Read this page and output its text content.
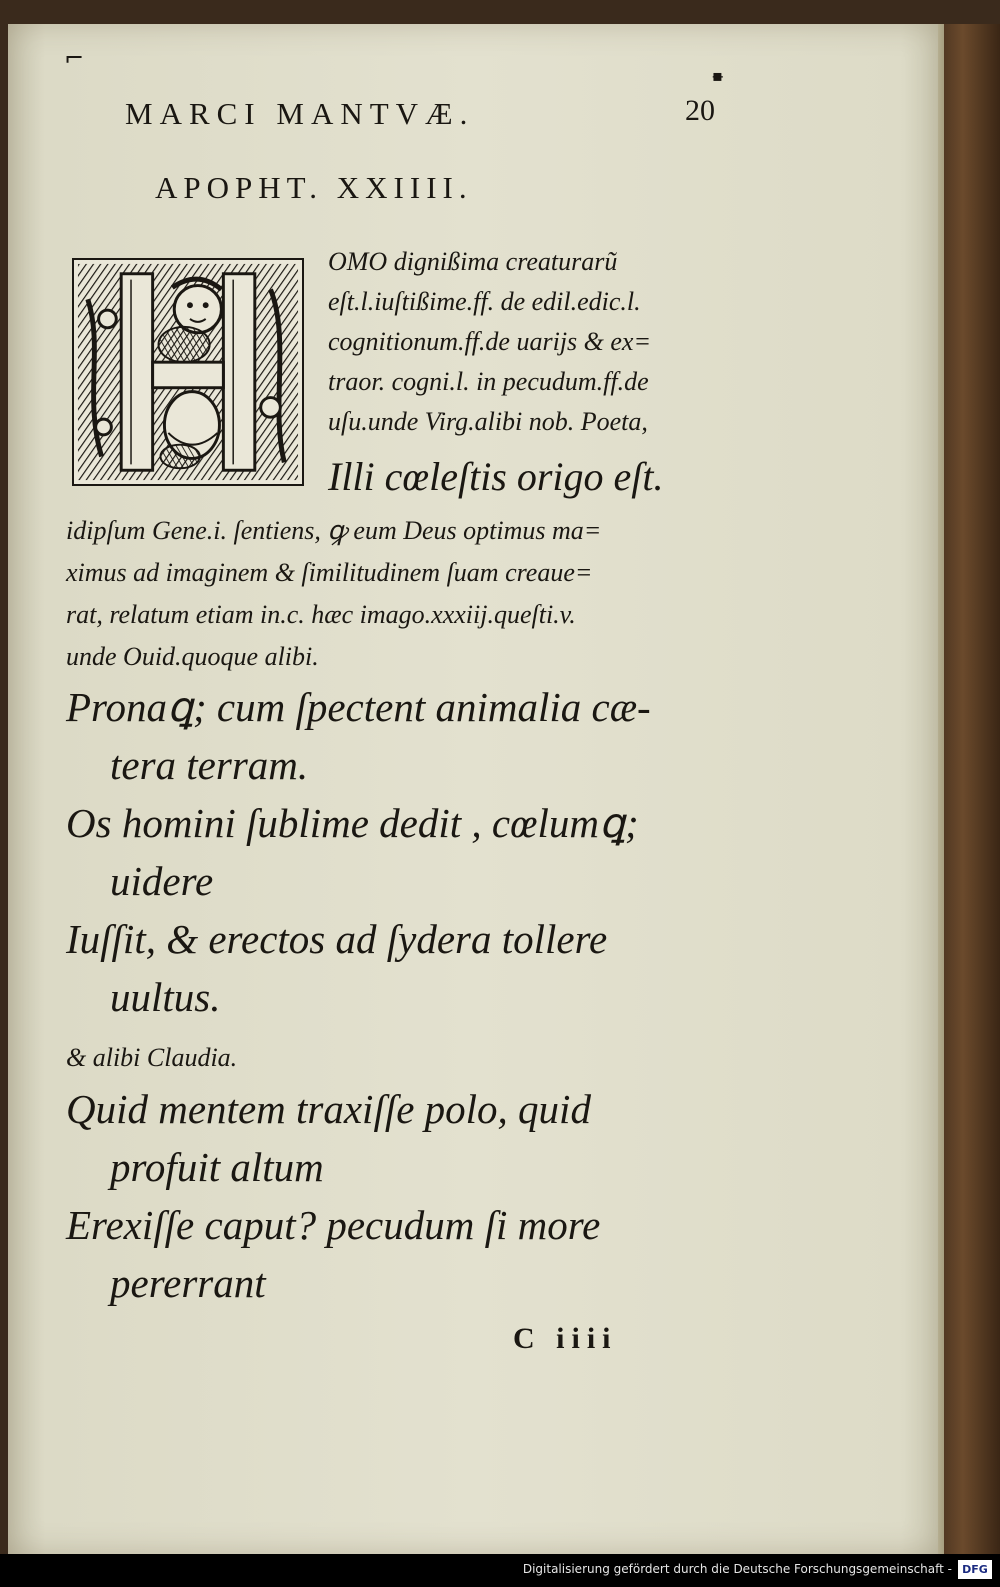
⌐
▪̶
MARCI MANTVÆ.	20
APOPHT. XXIIII.
OMO dignißima creaturarũ
eſt.l.iuſtißime.ff. de edil.edic.l.
cognitionum.ff.de uarijs & ex=
traor. cogni.l. in pecudum.ff.de
uſu.unde Virg.alibi nob. Poeta,
Illi cœleſtis origo eſt.
idipſum Gene.i. ſentiens, ꝙ eum Deus optimus ma=
ximus ad imaginem & ſimilitudinem ſuam creaue=
rat, relatum etiam in.c. hæc imago.xxxiij.queſti.v.
unde Ouid.quoque alibi.
Pronaꝗ; cum ſpectent animalia cæ-
tera terram.
Os homini ſublime dedit , cœlumꝗ;
uidere
Iuſſit, & erectos ad ſydera tollere
uultus.
& alibi Claudia.
Quid mentem traxiſſe polo, quid
profuit altum
Erexiſſe caput? pecudum ſi more
pererrant
C iiii
Digitalisierung gefördert durch die Deutsche Forschungsgemeinschaft - DFG
